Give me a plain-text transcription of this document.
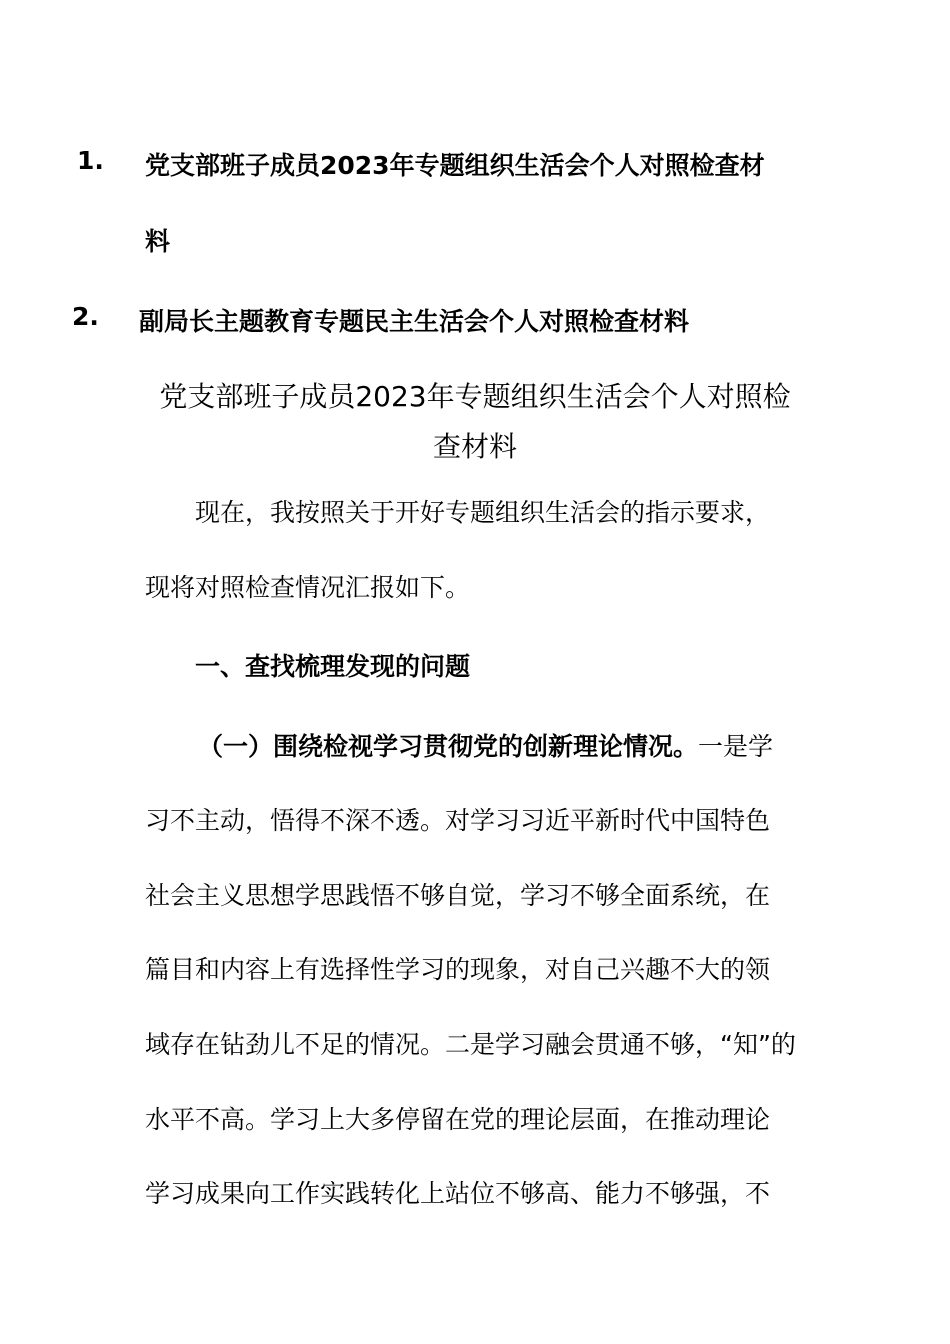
1. 党支部班子成员2023年专题组织生活会个人对照检查材
料
2. 副局长主题教育专题民主生活会个人对照检查材料
党支部班子成员2023年专题组织生活会个人对照检
查材料
现在，我按照关于开好专题组织生活会的指示要求，
现将对照检查情况汇报如下。
一、查找梳理发现的问题
（一）围绕检视学习贯彻党的创新理论情况。一是学
习不主动，悟得不深不透。对学习习近平新时代中国特色
社会主义思想学思践悟不够自觉，学习不够全面系统，在
篇目和内容上有选择性学习的现象，对自己兴趣不大的领
域存在钻劲儿不足的情况。二是学习融会贯通不够，“知”的
水平不高。学习上大多停留在党的理论层面，在推动理论
学习成果向工作实践转化上站位不够高、能力不够强，不
